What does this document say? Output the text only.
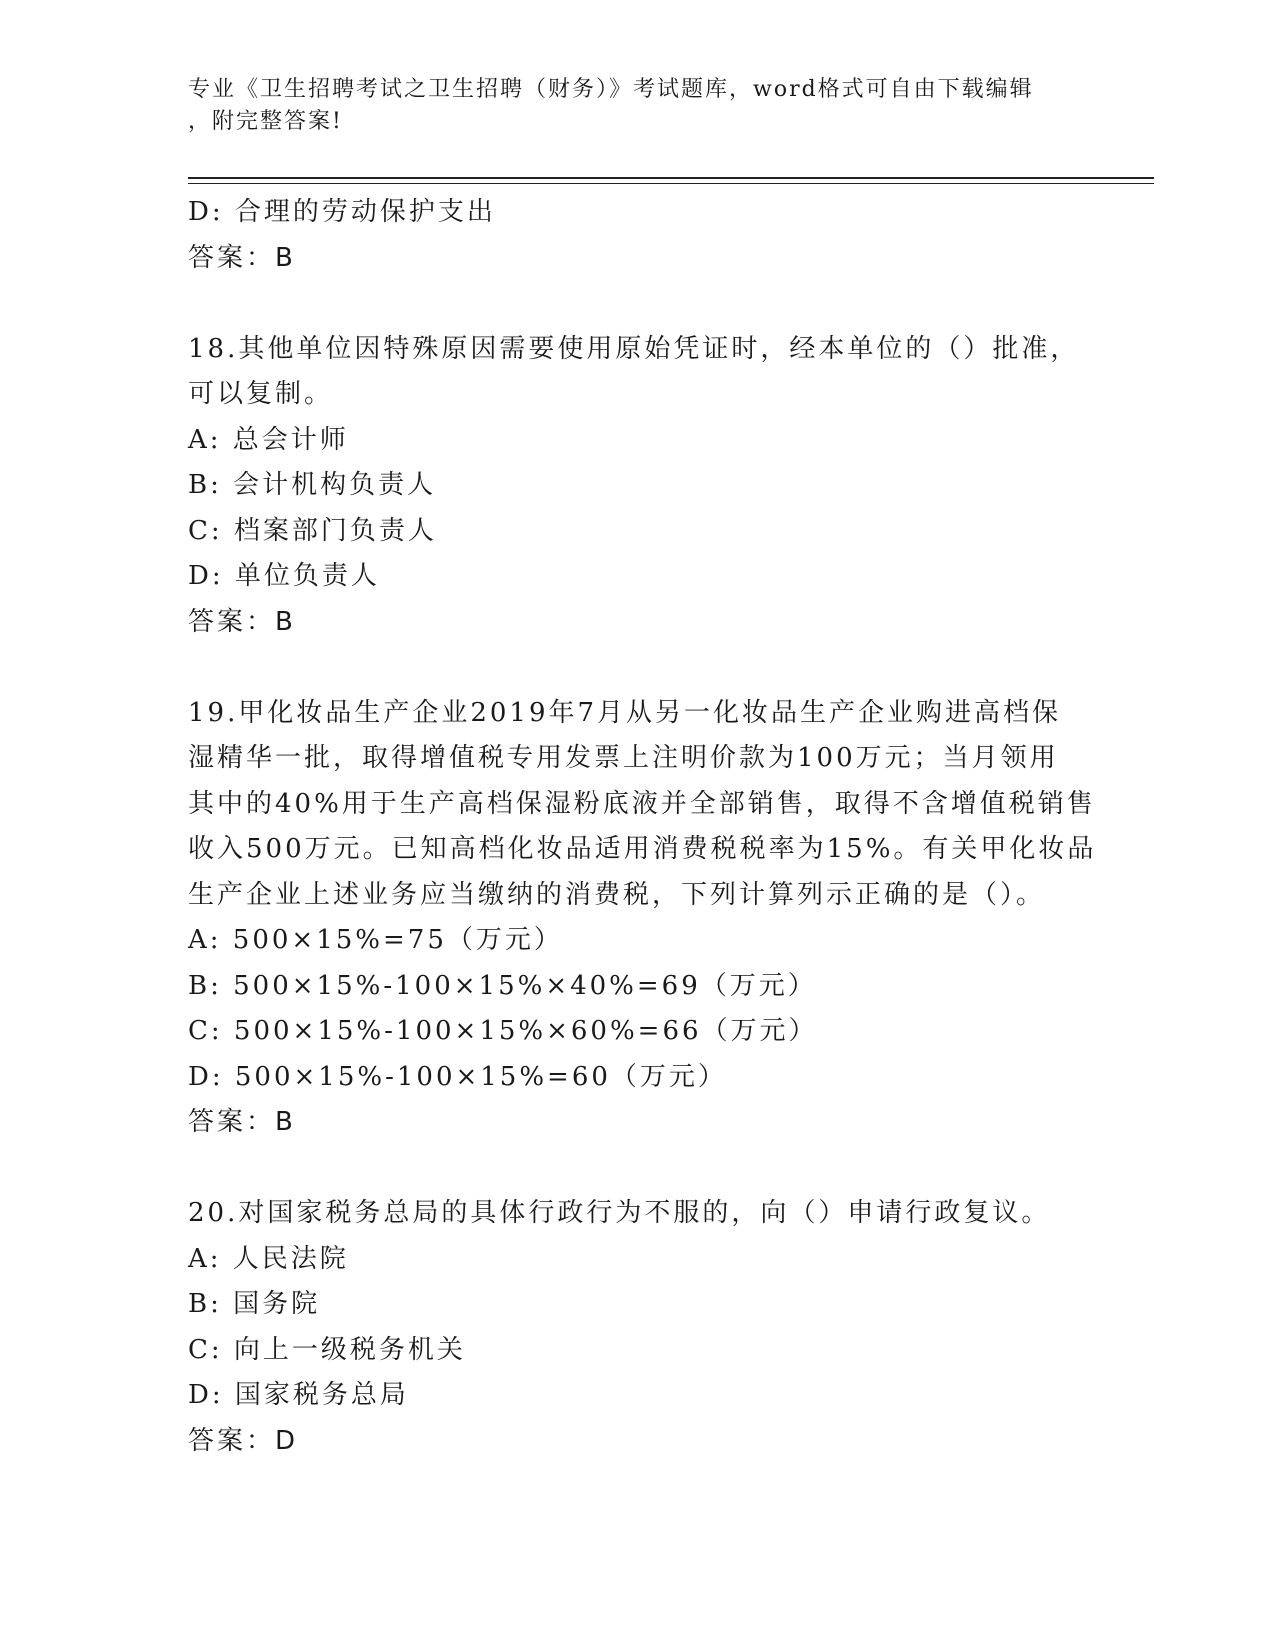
专业《卫生招聘考试之卫生招聘（财务）》考试题库，word格式可自由下载编辑
，附完整答案!
D: 合理的劳动保护支出
答案：B
18.其他单位因特殊原因需要使用原始凭证时，经本单位的（）批准，
可以复制。
A: 总会计师
B: 会计机构负责人
C: 档案部门负责人
D: 单位负责人
答案：B
19.甲化妆品生产企业2019年7月从另一化妆品生产企业购进高档保
湿精华一批，取得增值税专用发票上注明价款为100万元；当月领用
其中的40%用于生产高档保湿粉底液并全部销售，取得不含增值税销售
收入500万元。已知高档化妆品适用消费税税率为15%。有关甲化妆品
生产企业上述业务应当缴纳的消费税，下列计算列示正确的是（）。
A: 500×15%=75（万元）
B: 500×15%-100×15%×40%=69（万元）
C: 500×15%-100×15%×60%=66（万元）
D: 500×15%-100×15%=60（万元）
答案：B
20.对国家税务总局的具体行政行为不服的，向（）申请行政复议。
A: 人民法院
B: 国务院
C: 向上一级税务机关
D: 国家税务总局
答案：D
